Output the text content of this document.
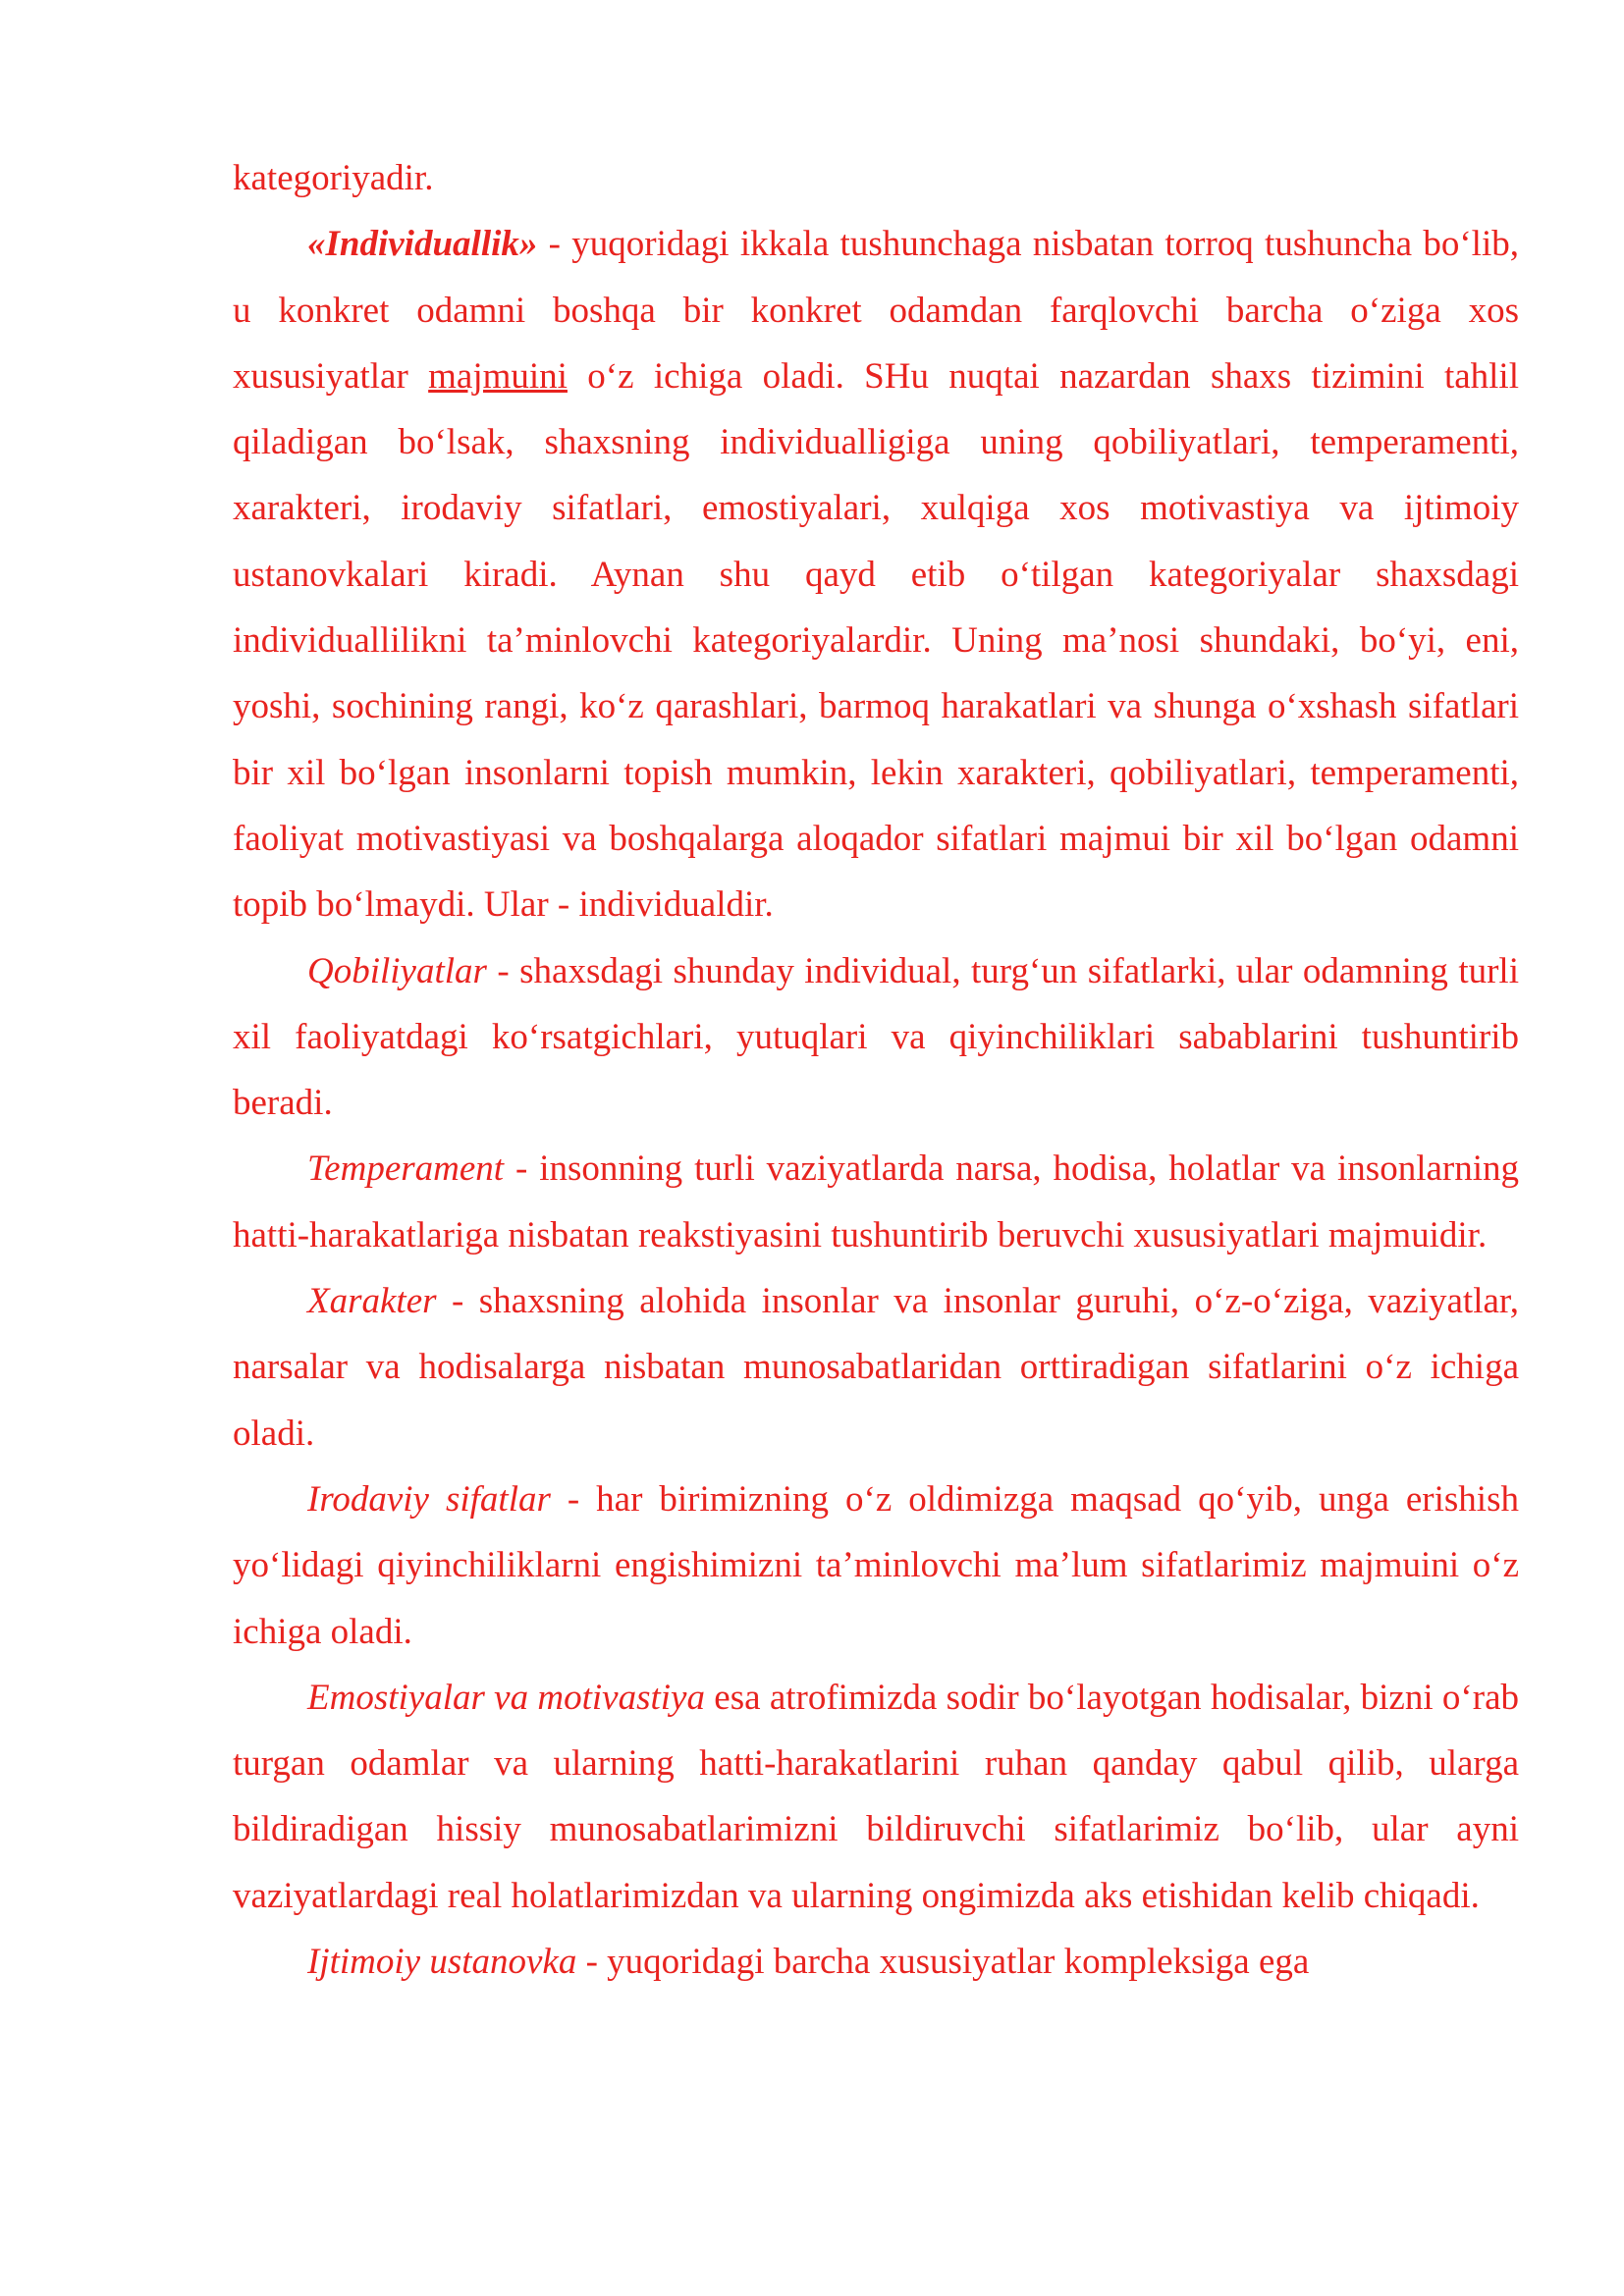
kategoriyadir.

«Individuallik» - yuqoridagi ikkala tushunchaga nisbatan torroq tushuncha bo‘lib, u konkret odamni boshqa bir konkret odamdan farqlovchi barcha o‘ziga xos xususiyatlar majmuini o‘z ichiga oladi. SHu nuqtai nazardan shaxs tizimini tahlil qiladigan bo‘lsak, shaxsning individualligiga uning qobiliyatlari, temperamenti, xarakteri, irodaviy sifatlari, emostiyalari, xulqiga xos motivastiya va ijtimoiy ustanovkalari kiradi. Aynan shu qayd etib o‘tilgan kategoriyalar shaxsdagi individuallilikni ta’minlovchi kategoriyalardir. Uning ma’nosi shundaki, bo‘yi, eni, yoshi, sochining rangi, ko‘z qarashlari, barmoq harakatlari va shunga o‘xshash sifatlari bir xil bo‘lgan insonlarni topish mumkin, lekin xarakteri, qobiliyatlari, temperamenti, faoliyat motivastiyasi va boshqalarga aloqador sifatlari majmui bir xil bo‘lgan odamni topib bo‘lmaydi. Ular - individualdir.

Qobiliyatlar - shaxsdagi shunday individual, turg‘un sifatlarki, ular odamning turli xil faoliyatdagi ko‘rsatgichlari, yutuqlari va qiyinchiliklari sabablarini tushuntirib beradi.

Temperament - insonning turli vaziyatlarda narsa, hodisa, holatlar va insonlarning hatti-harakatlariga nisbatan reakstiyasini tushuntirib beruvchi xususiyatlari majmuidir.

Xarakter - shaxsning alohida insonlar va insonlar guruhi, o‘z-o‘ziga, vaziyatlar, narsalar va hodisalarga nisbatan munosabatlaridan orttiradigan sifatlarini o‘z ichiga oladi.

Irodaviy sifatlar - har birimizning o‘z oldimizga maqsad qo‘yib, unga erishish yo‘lidagi qiyinchiliklarni engishimizni ta’minlovchi ma’lum sifatlarimiz majmuini o‘z ichiga oladi.

Emostiyalar va motivastiya esa atrofimizda sodir bo‘layotgan hodisalar, bizni o‘rab turgan odamlar va ularning hatti-harakatlarini ruhan qanday qabul qilib, ularga bildiradigan hissiy munosabatlarimizni bildiruvchi sifatlarimiz bo‘lib, ular ayni vaziyatlardagi real holatlarimizdan va ularning ongimizda aks etishidan kelib chiqadi.

Ijtimoiy ustanovka - yuqoridagi barcha xususiyatlar kompleksiga ega
